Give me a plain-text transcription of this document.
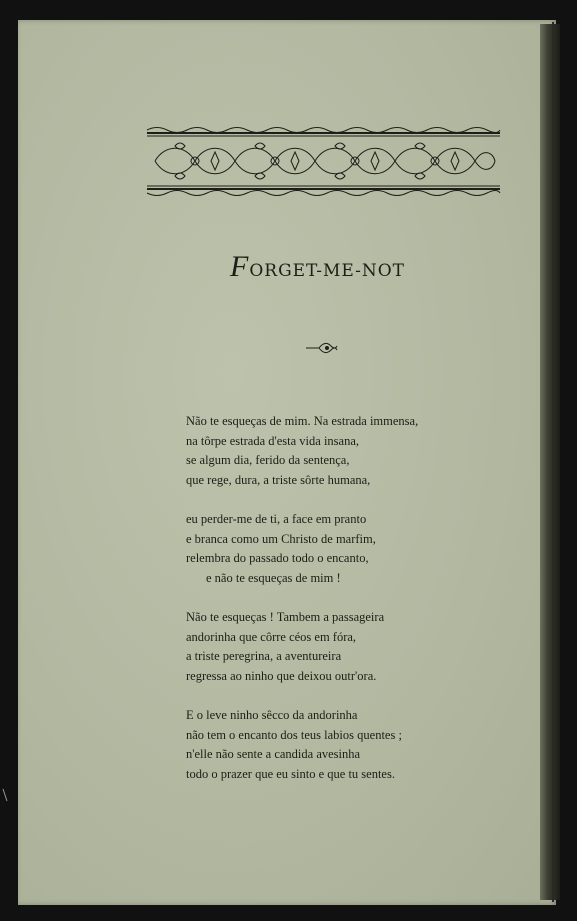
FORGET-ME-NOT
Não te esqueças de mim. Na estrada immensa,
na tôrpe estrada d'esta vida insana,
se algum dia, ferido da sentença,
que rege, dura, a triste sôrte humana,
eu perder-me de ti, a face em pranto
e branca como um Christo de marfim,
relembra do passado todo o encanto,
e não te esqueças de mim !
Não te esqueças ! Tambem a passageira
andorinha que côrre céos em fóra,
a triste peregrina, a aventureira
regressa ao ninho que deixou outr'ora.
E o leve ninho sêcco da andorinha
não tem o encanto dos teus labios quentes ;
n'elle não sente a candida avesinha
todo o prazer que eu sinto e que tu sentes.
